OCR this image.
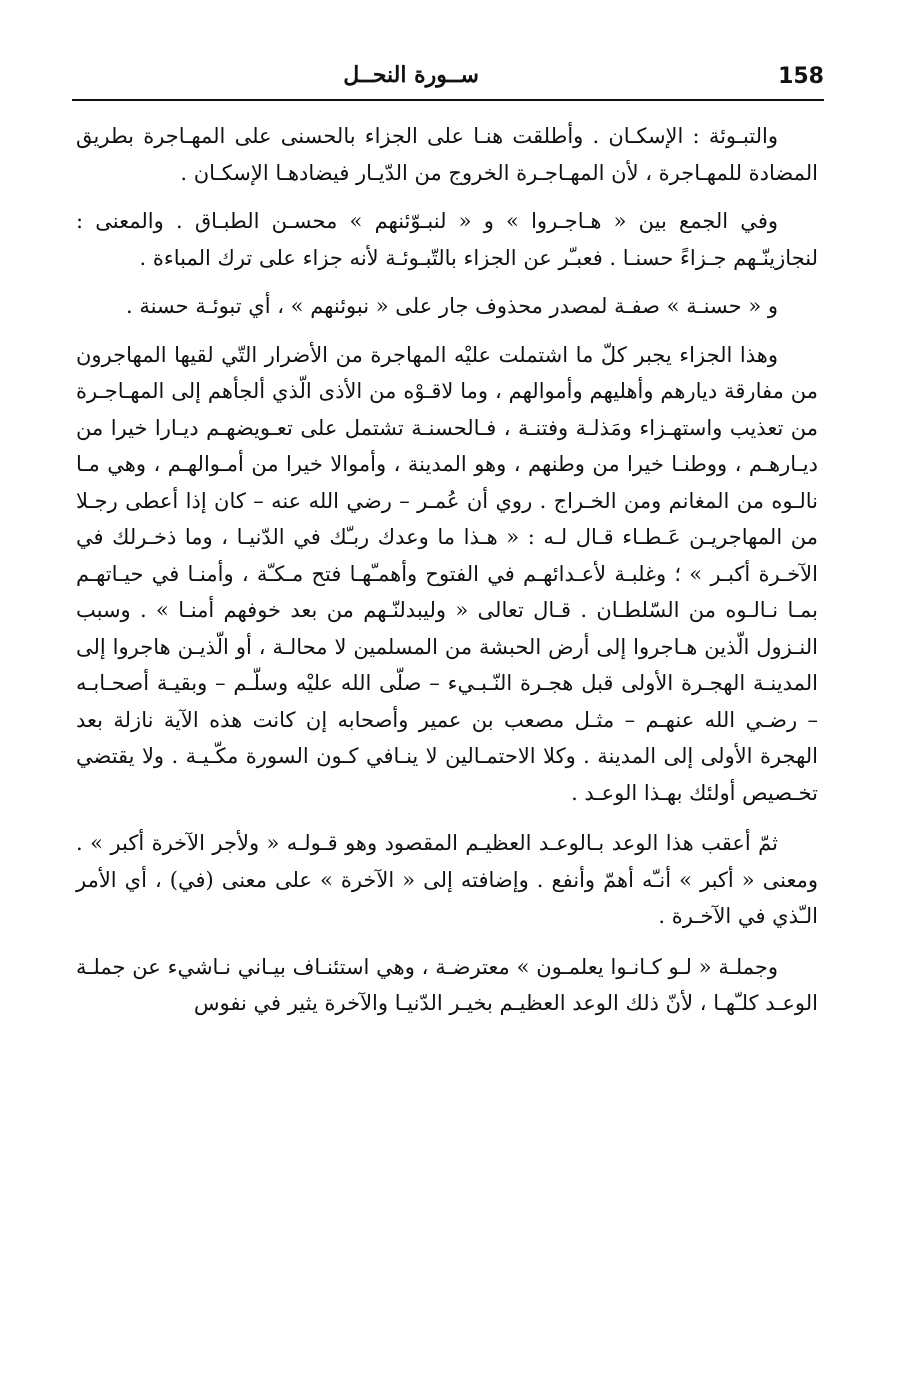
158
ســورة النحــل

والتبـوئة : الإسكـان . وأطلقت هنـا على الجزاء بالحسنى على المهـاجرة بطريق المضادة للمهـاجرة ، لأن المهـاجـرة الخروج من الدّيـار فيضادهـا الإسكـان .

وفي الجمع بين « هـاجـروا » و « لنبـوّئنهم » محسـن الطبـاق . والمعنى : لنجازينّـهم جـزاءً حسنـا . فعبـّر عن الجزاء بالتّبـوئـة لأنه جزاء على ترك المباءة .

و « حسنـة » صفـة لمصدر محذوف جار على « نبوئنهم » ، أي تبوئـة حسنة .

وهذا الجزاء يجبر كلّ ما اشتملت عليْه المهاجرة من الأضرار التّي لقيها المهاجرون من مفارقة ديارهم وأهليهم وأموالهم ، وما لاقـوْه من الأذى الّذي ألجأهم إلى المهـاجـرة من تعذيب واستهـزاء ومَذلـة وفتنـة ، فـالحسنـة تشتمل على تعـويضهـم ديـارا خيرا من ديـارهـم ، ووطنـا خيرا من وطنهم ، وهو المدينة ، وأموالا خيرا من أمـوالهـم ، وهي مـا نالـوه من المغانم ومن الخـراج . روي أن عُمـر – رضي الله عنه – كان إذا أعطى رجـلا من المهاجريـن عَـطـاء قـال لـه : « هـذا ما وعدك ربـّك في الدّنيـا ، وما ذخـرلك في الآخـرة أكبـر » ؛ وغلبـة لأعـدائهـم في الفتوح وأهمـّهـا فتح مـكـّة ، وأمنـا في حيـاتهـم بمـا نـالـوه من السّلطـان . قـال تعالى « وليبدلنّـهم من بعد خوفهم أمنـا » . وسبب النـزول الّذين هـاجروا إلى أرض الحبشة من المسلمين لا محالـة ، أو الّذيـن هاجروا إلى المدينـة الهجـرة الأولى قبل هجـرة النّـبـيء – صلّى الله عليْه وسلّـم – وبقيـة أصحـابـه – رضـي الله عنهـم – مثـل مصعب بن عمير وأصحابه إن كانت هذه الآية نازلة بعد الهجرة الأولى إلى المدينة . وكلا الاحتمـالين لا ينـافي كـون السورة مكّـيـة . ولا يقتضي تخـصيص أولئك بهـذا الوعـد .

ثمّ أعقب هذا الوعد بـالوعـد العظيـم المقصود وهو قـولـه « ولأجر الآخرة أكبر » . ومعنى « أكبر » أنـّه أهمّ وأنفع . وإضافته إلى « الآخرة » على معنى (في) ، أي الأمر الـّذي في الآخـرة .

وجملـة « لـو كـانـوا يعلمـون » معترضـة ، وهي استئنـاف بيـاني نـاشيء عن جملـة الوعـد كلـّهـا ، لأنّ ذلك الوعد العظيـم بخيـر الدّنيـا والآخرة يثير في نفوس
